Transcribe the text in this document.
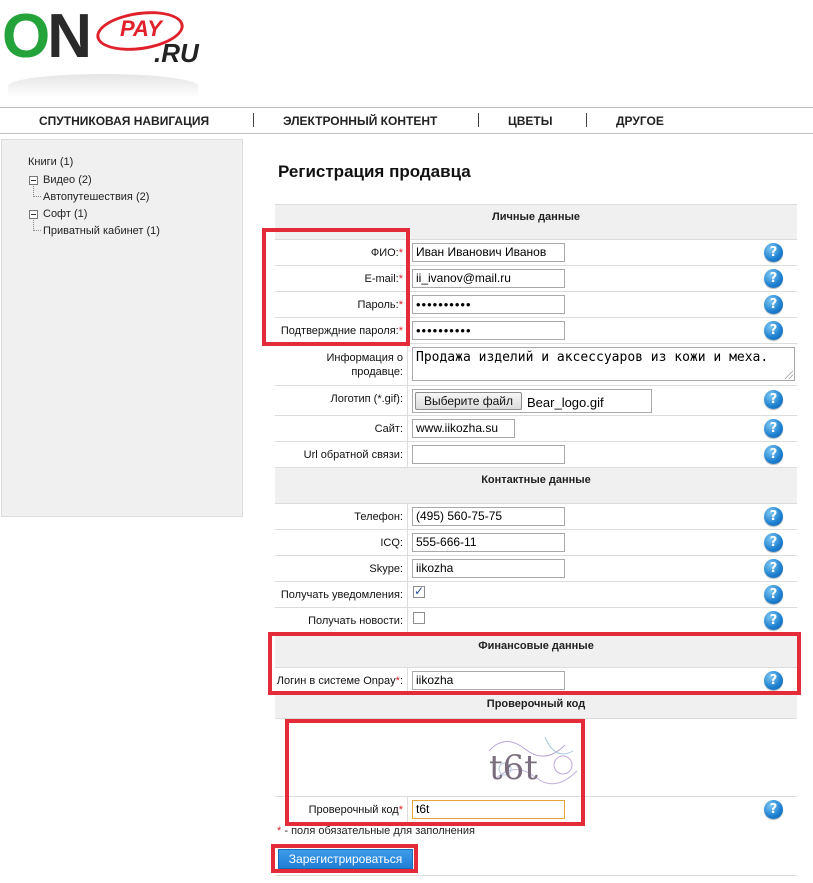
ON PAY
.RU
СПУТНИКОВАЯ НАВИГАЦИЯ	ЭЛЕКТРОННЫЙ КОНТЕНТ	ЦВЕТЫ	ДРУГОЕ
Книги (1)
Видео (2)
Автопутешествия (2)
Софт (1)
Приватный кабинет (1)
Регистрация продавца
Личные данные
ФИО: *	Иван Иванович Иванов	?
E-mail: *	ii_ivanov@mail.ru	?
Пароль: *	••••••••••	?
Подтверждние пароля: *	••••••••••	?
Информация о продавце:
Продажа изделий и аксессуаров из кожи и меха.
Логотип (*.gif):	Выберите файл	Bear_logo.gif	?
Сайт:	www.iikozha.su	?
Url обратной связи:	?
Контактные данные
Телефон:	(495) 560-75-75	?
ICQ:	555-666-11	?
Skype:	iikozha	?
Получать уведомления:
✓	?
Получать новости:	?
Финансовые данные
Логин в системе Onpay * :	iikozha	?
Проверочный код
t6t
Проверочный код *	t6t	?
* - поля обязательные для заполнения
Зарегистрироваться
